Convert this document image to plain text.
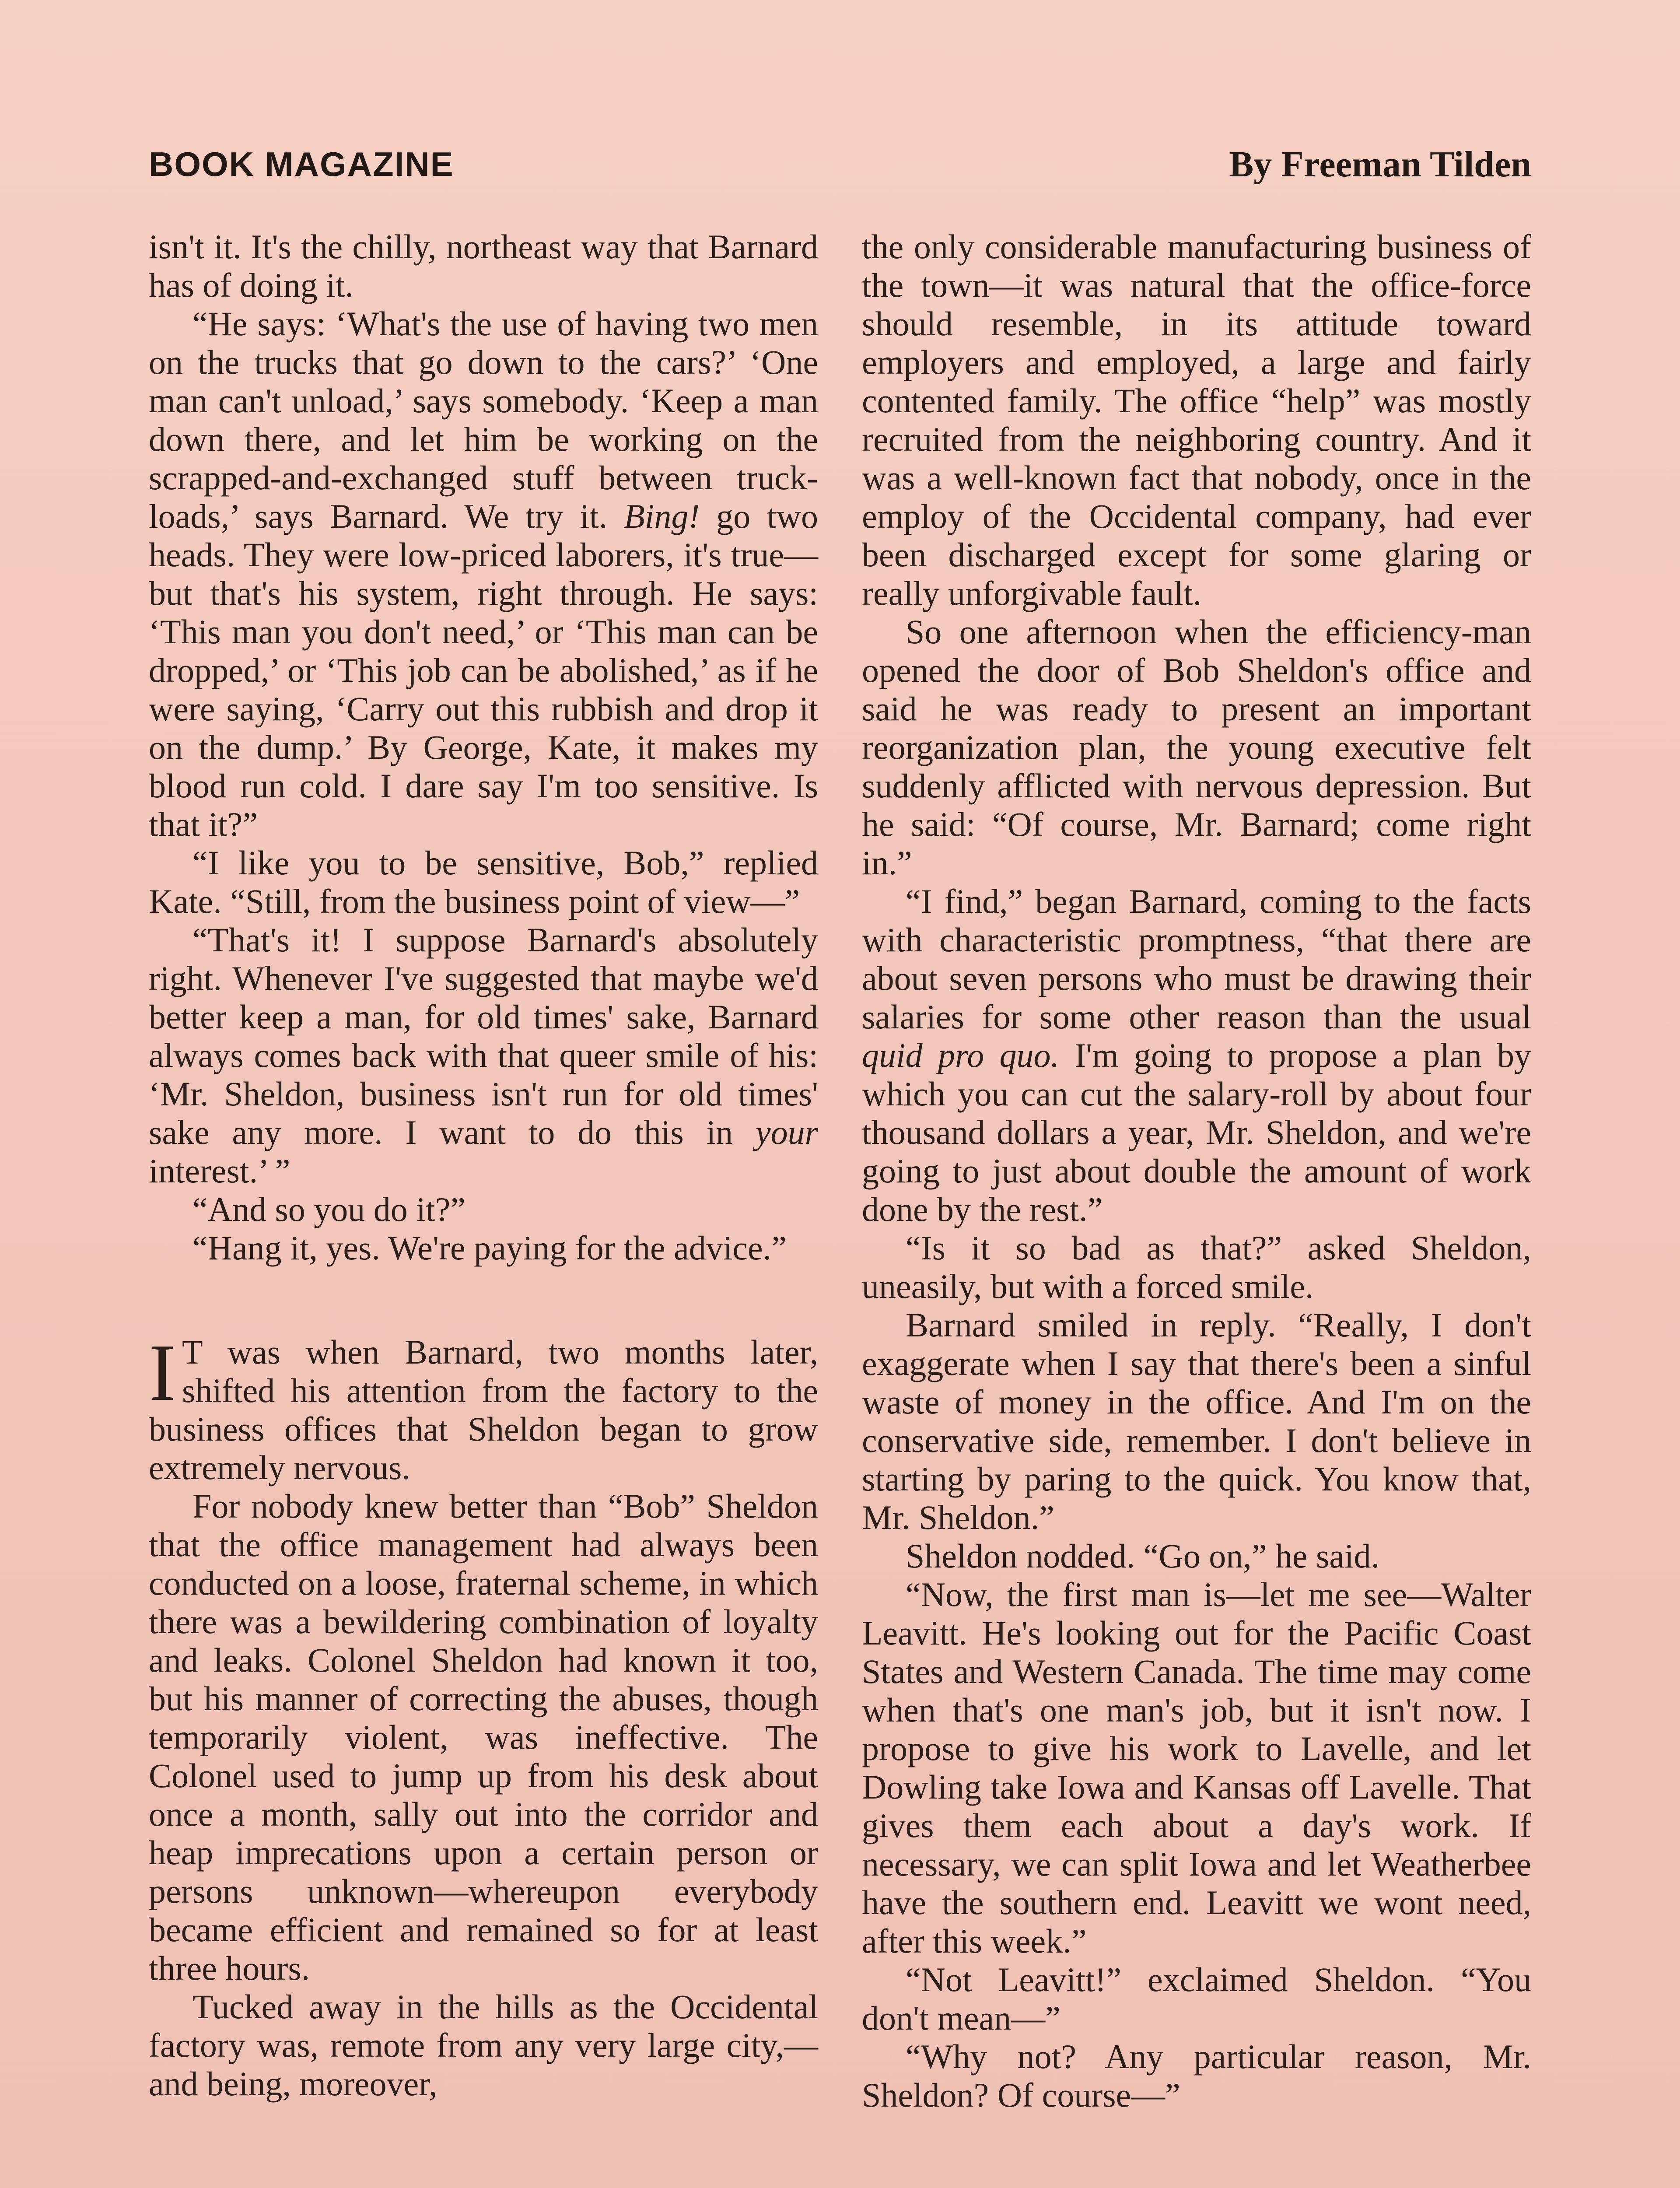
BOOK MAGAZINE	By Freeman Tilden

isn't it. It's the chilly, northeast way that Barnard has of doing it.

“He says: ‘What's the use of having two men on the trucks that go down to the cars?’ ‘One man can't unload,’ says somebody. ‘Keep a man down there, and let him be working on the scrapped-and-exchanged stuff between truck-loads,’ says Barnard. We try it. Bing! go two heads. They were low-priced laborers, it's true—but that's his system, right through. He says: ‘This man you don't need,’ or ‘This man can be dropped,’ or ‘This job can be abolished,’ as if he were saying, ‘Carry out this rubbish and drop it on the dump.’ By George, Kate, it makes my blood run cold. I dare say I'm too sensitive. Is that it?”

“I like you to be sensitive, Bob,” replied Kate. “Still, from the business point of view—”

“That's it! I suppose Barnard's absolutely right. Whenever I've suggested that maybe we'd better keep a man, for old times' sake, Barnard always comes back with that queer smile of his: ‘Mr. Sheldon, business isn't run for old times' sake any more. I want to do this in your interest.’ ”

“And so you do it?”

“Hang it, yes. We're paying for the advice.”

I T was when Barnard, two months later, shifted his attention from the factory to the business offices that Sheldon began to grow extremely nervous.

For nobody knew better than “Bob” Sheldon that the office management had always been conducted on a loose, fraternal scheme, in which there was a bewildering combination of loyalty and leaks. Colonel Sheldon had known it too, but his manner of correcting the abuses, though temporarily violent, was ineffective. The Colonel used to jump up from his desk about once a month, sally out into the corridor and heap imprecations upon a certain person or persons unknown—whereupon everybody became efficient and remained so for at least three hours.

Tucked away in the hills as the Occidental factory was, remote from any very large city,—and being, moreover,

the only considerable manufacturing business of the town—it was natural that the office-force should resemble, in its attitude toward employers and employed, a large and fairly contented family. The office “help” was mostly recruited from the neighboring country. And it was a well-known fact that nobody, once in the employ of the Occidental company, had ever been discharged except for some glaring or really unforgivable fault.

So one afternoon when the efficiency-man opened the door of Bob Sheldon's office and said he was ready to present an important reorganization plan, the young executive felt suddenly afflicted with nervous depression. But he said: “Of course, Mr. Barnard; come right in.”

“I find,” began Barnard, coming to the facts with characteristic promptness, “that there are about seven persons who must be drawing their salaries for some other reason than the usual quid pro quo. I'm going to propose a plan by which you can cut the salary-roll by about four thousand dollars a year, Mr. Sheldon, and we're going to just about double the amount of work done by the rest.”

“Is it so bad as that?” asked Sheldon, uneasily, but with a forced smile.

Barnard smiled in reply. “Really, I don't exaggerate when I say that there's been a sinful waste of money in the office. And I'm on the conservative side, remember. I don't believe in starting by paring to the quick. You know that, Mr. Sheldon.”

Sheldon nodded. “Go on,” he said.

“Now, the first man is—let me see—Walter Leavitt. He's looking out for the Pacific Coast States and Western Canada. The time may come when that's one man's job, but it isn't now. I propose to give his work to Lavelle, and let Dowling take Iowa and Kansas off Lavelle. That gives them each about a day's work. If necessary, we can split Iowa and let Weatherbee have the southern end. Leavitt we wont need, after this week.”

“Not Leavitt!” exclaimed Sheldon. “You don't mean—”

“Why not? Any particular reason, Mr. Sheldon? Of course—”
